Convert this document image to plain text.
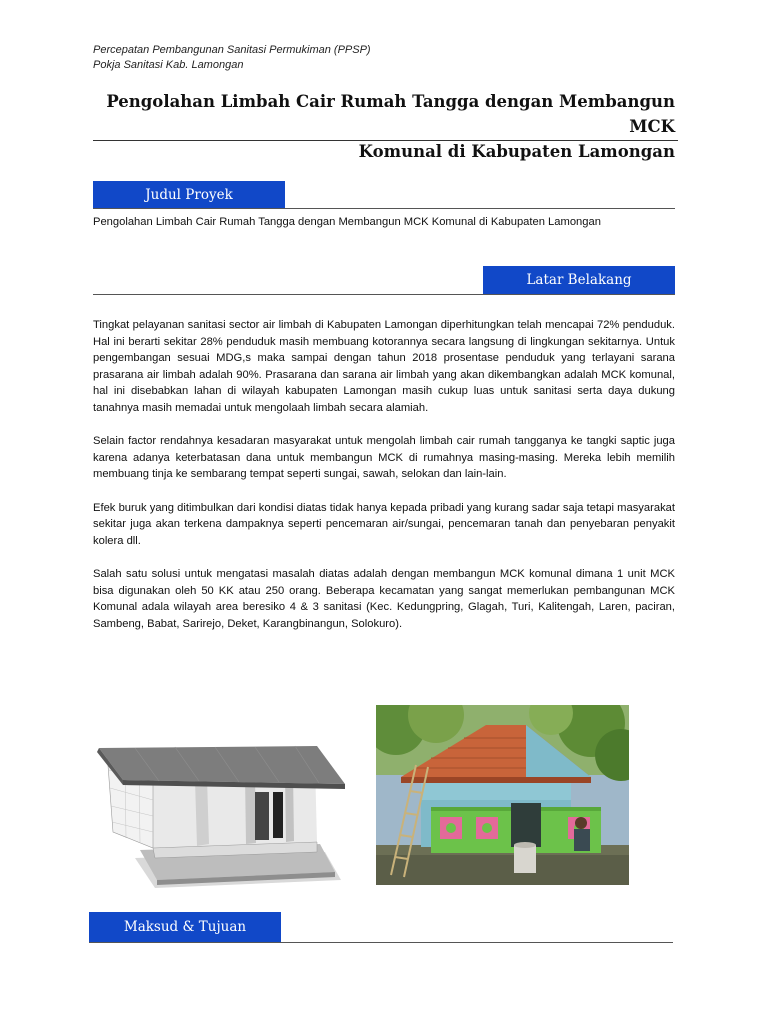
Percepatan Pembangunan Sanitasi Permukiman (PPSP)
Pokja Sanitasi Kab. Lamongan
Pengolahan Limbah Cair Rumah Tangga dengan Membangun MCK
Komunal di Kabupaten Lamongan
Judul Proyek
Pengolahan Limbah Cair Rumah Tangga dengan Membangun MCK Komunal di Kabupaten Lamongan
Latar Belakang

Tingkat pelayanan sanitasi sector air limbah di Kabupaten Lamongan diperhitungkan telah mencapai 72% penduduk. Hal ini berarti sekitar 28% penduduk masih membuang kotorannya secara langsung di lingkungan sekitarnya. Untuk pengembangan sesuai MDG,s maka sampai dengan tahun 2018 prosentase penduduk yang terlayani sarana prasarana air limbah adalah 90%. Prasarana dan sarana air limbah yang akan dikembangkan adalah MCK komunal, hal ini disebabkan lahan di wilayah kabupaten Lamongan masih cukup luas untuk sanitasi serta daya dukung tanahnya masih memadai untuk mengolaah limbah secara alamiah.

Selain factor rendahnya kesadaran masyarakat untuk mengolah limbah cair rumah tangganya ke tangki saptic juga karena adanya keterbatasan dana untuk membangun MCK di rumahnya masing-masing. Mereka lebih memilih membuang tinja ke sembarang tempat seperti sungai, sawah, selokan dan lain-lain.

Efek buruk yang ditimbulkan dari kondisi diatas tidak hanya kepada pribadi yang kurang sadar saja tetapi masyarakat sekitar juga akan terkena dampaknya seperti pencemaran air/sungai, pencemaran tanah dan penyebaran penyakit kolera dll.

Salah satu solusi untuk mengatasi masalah diatas adalah dengan membangun MCK komunal dimana 1 unit MCK bisa digunakan oleh 50 KK atau 250 orang. Beberapa kecamatan yang sangat memerlukan pembangunan MCK Komunal adala wilayah area beresiko 4 & 3 sanitasi (Kec. Kedungpring, Glagah, Turi, Kalitengah, Laren, paciran, Sambeng, Babat, Sarirejo, Deket, Karangbinangun, Solokuro).

Maksud & Tujuan
